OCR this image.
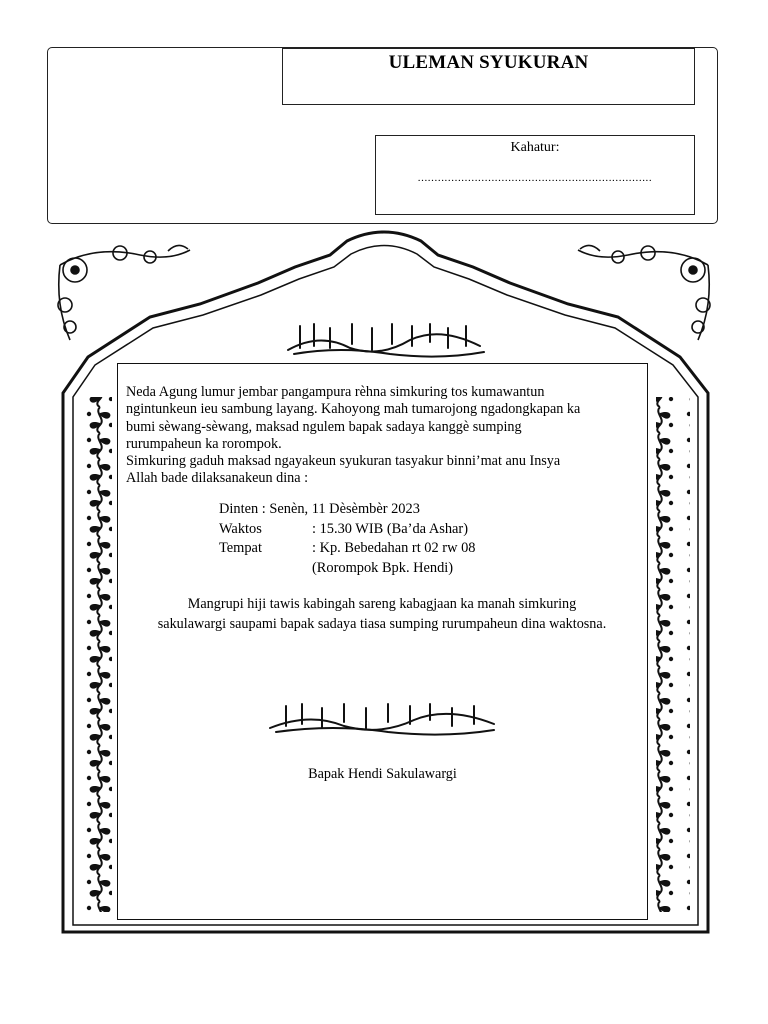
ULEMAN SYUKURAN
Kahatur:
......................................................................
Neda Agung lumur jembar pangampura rèhna simkuring tos kumawantun
ngintunkeun ieu sambung layang. Kahoyong mah tumarojong ngadongkapan ka
bumi sèwang-sèwang, maksad ngulem bapak sadaya kanggè sumping
rurumpaheun ka rorompok.
Simkuring gaduh maksad ngayakeun syukuran tasyakur binni’mat anu Insya
Allah bade dilaksanakeun dina :
Dinten : Senèn, 11 Dèsèmbèr 2023
Waktos	: 15.30 WIB (Ba’da Ashar)
Tempat	: Kp. Bebedahan rt 02 rw 08
(Rorompok Bpk. Hendi)
Mangrupi hiji tawis kabingah sareng kabagjaan ka manah simkuring
sakulawargi saupami bapak sadaya tiasa sumping rurumpaheun dina waktosna.
Bapak Hendi Sakulawargi
